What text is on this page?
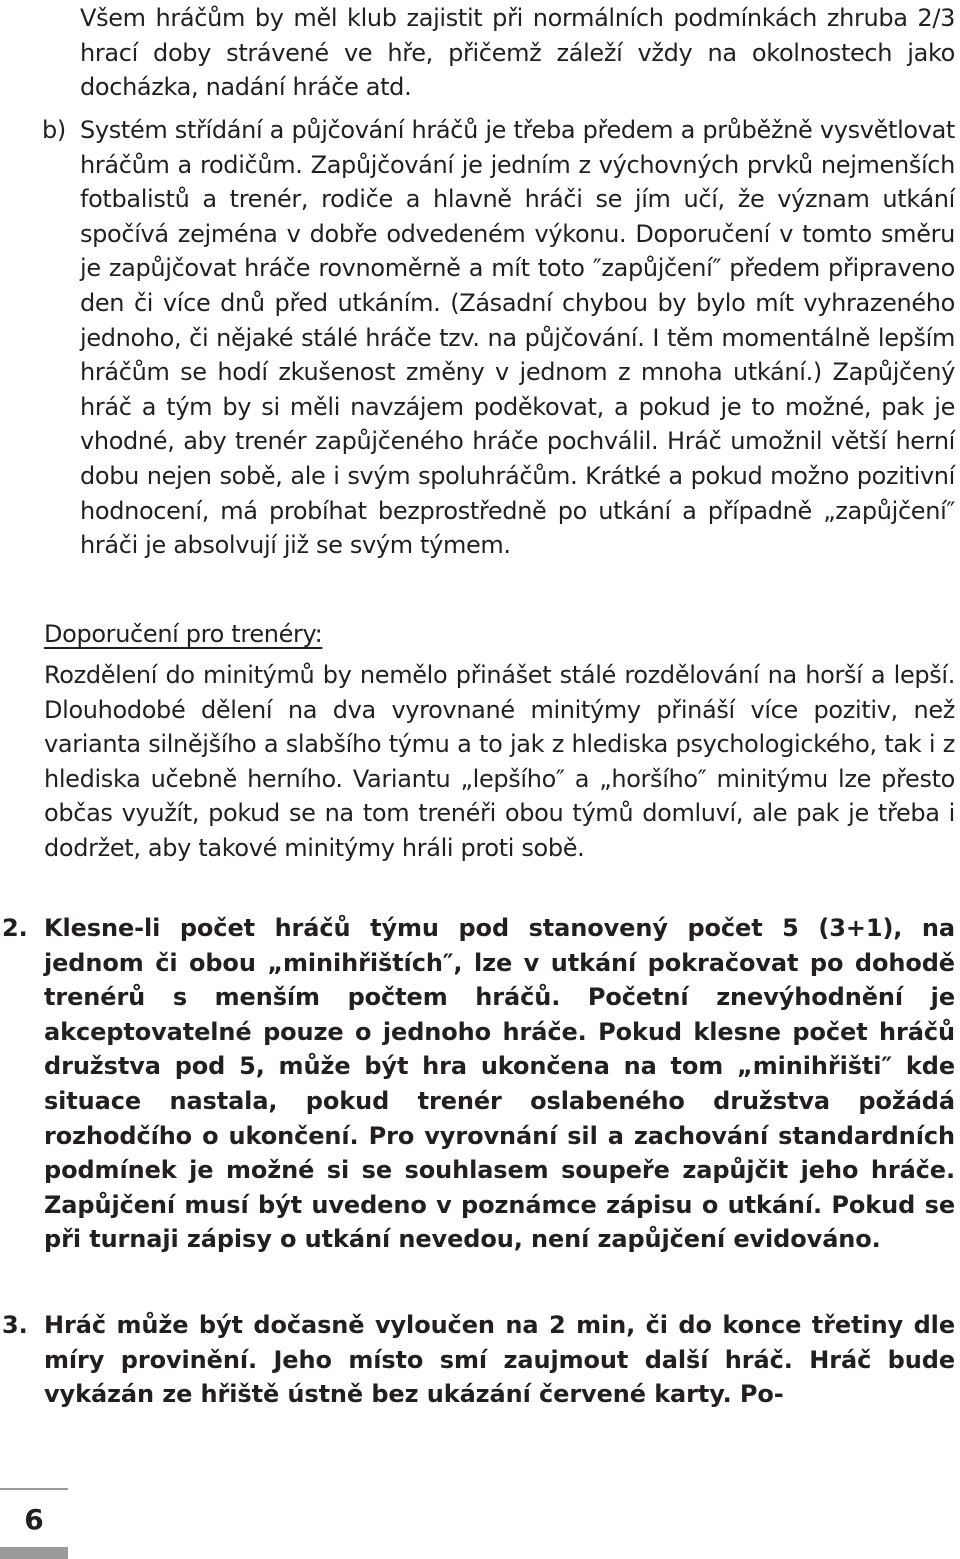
Všem hráčům by měl klub zajistit při normálních podmínkách zhruba 2/3 hrací doby strávené ve hře, přičemž záleží vždy na okolnostech jako docházka, nadání hráče atd.

b) Systém střídání a půjčování hráčů je třeba předem a průběžně vysvětlovat hráčům a rodičům. Zapůjčování je jedním z výchovných prvků nejmenších fotbalistů a trenér, rodiče a hlavně hráči se jím učí, že význam utkání spočívá zejména v dobře odvedeném výkonu. Doporučení v tomto směru je zapůjčovat hráče rovnoměrně a mít toto ″zapůjčení″ předem připraveno den či více dnů před utkáním. (Zásadní chybou by bylo mít vyhrazeného jednoho, či nějaké stálé hráče tzv. na půjčování. I těm momentálně lepším hráčům se hodí zkušenost změny v jednom z mnoha utkání.) Zapůjčený hráč a tým by si měli navzájem poděkovat, a pokud je to možné, pak je vhodné, aby trenér zapůjčeného hráče pochválil. Hráč umožnil větší herní dobu nejen sobě, ale i svým spoluhráčům. Krátké a pokud možno pozitivní hodnocení, má probíhat bezprostředně po utkání a případně „zapůjčení″ hráči je absolvují již se svým týmem.

Doporučení pro trenéry:

Rozdělení do minitýmů by nemělo přinášet stálé rozdělování na horší a lepší. Dlouhodobé dělení na dva vyrovnané minitýmy přináší více pozitiv, než varianta silnějšího a slabšího týmu a to jak z hlediska psychologického, tak i z hlediska učebně herního. Variantu „lepšího″ a „horšího″ minitýmu lze přesto občas využít, pokud se na tom trenéři obou týmů domluví, ale pak je třeba i dodržet, aby takové minitýmy hráli proti sobě.

2. Klesne-li počet hráčů týmu pod stanovený počet 5 (3+1), na jednom či obou „minihřištích″, lze v utkání pokračovat po dohodě trenérů s menším počtem hráčů. Početní znevýhodnění je akceptovatelné pouze o jednoho hráče. Pokud klesne počet hráčů družstva pod 5, může být hra ukončena na tom „minihřišti″ kde situace nastala, pokud trenér oslabeného družstva požádá rozhodčího o ukončení. Pro vyrovnání sil a zachování standardních podmínek je možné si se souhlasem soupeře zapůjčit jeho hráče. Zapůjčení musí být uvedeno v poznámce zápisu o utkání. Pokud se při turnaji zápisy o utkání nevedou, není zapůjčení evidováno.
3. Hráč může být dočasně vyloučen na 2 min, či do konce třetiny dle míry provinění. Jeho místo smí zaujmout další hráč. Hráč bude vykázán ze hřiště ústně bez ukázání červené karty. Po-
6
